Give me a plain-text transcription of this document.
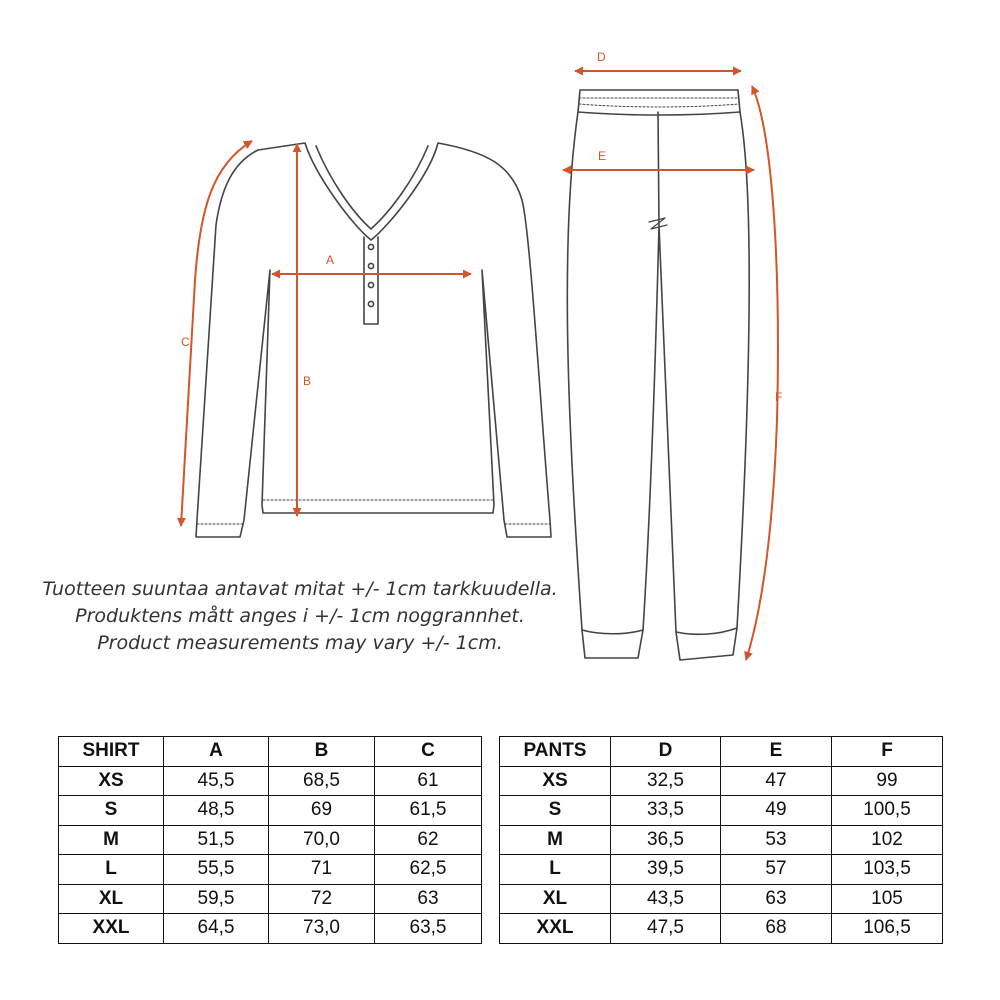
A
B
C
D
E
F
Tuotteen suuntaa antavat mitat +/- 1cm tarkkuudella.
Produktens mått anges i +/- 1cm noggrannhet.
Product measurements may vary +/- 1cm.
SHIRT	A	B	C
XS	45,5	68,5	61
S	48,5	69	61,5
M	51,5	70,0	62
L	55,5	71	62,5
XL	59,5	72	63
XXL	64,5	73,0	63,5
PANTS	D	E	F
XS	32,5	47	99
S	33,5	49	100,5
M	36,5	53	102
L	39,5	57	103,5
XL	43,5	63	105
XXL	47,5	68	106,5
